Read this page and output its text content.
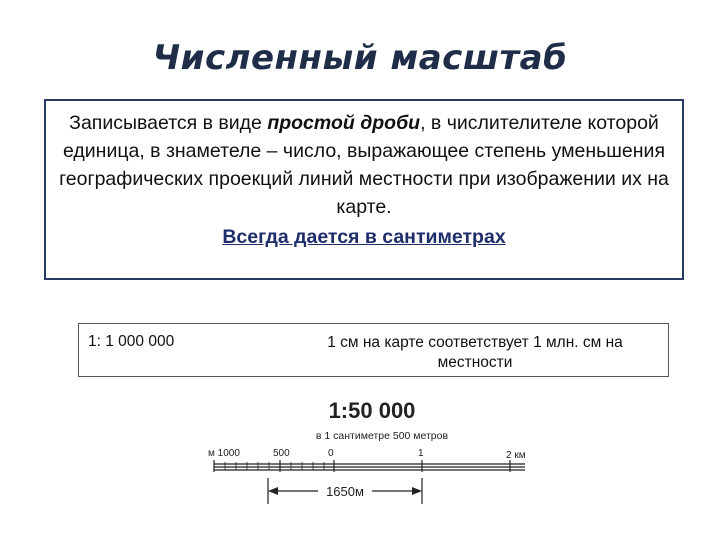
Численный масштаб

Записывается в виде простой дроби, в числителителе которой единица, в знаметеле – число, выражающее степень уменьшения географических проекций линий местности при изображении их на карте.

Всегда дается в сантиметрах
1: 1 000 000	1 см на карте соответствует 1 млн. см на местности
1:50 000
в 1 сантиметре 500 метров
м 1000	500	0	1	2 км
1650м
